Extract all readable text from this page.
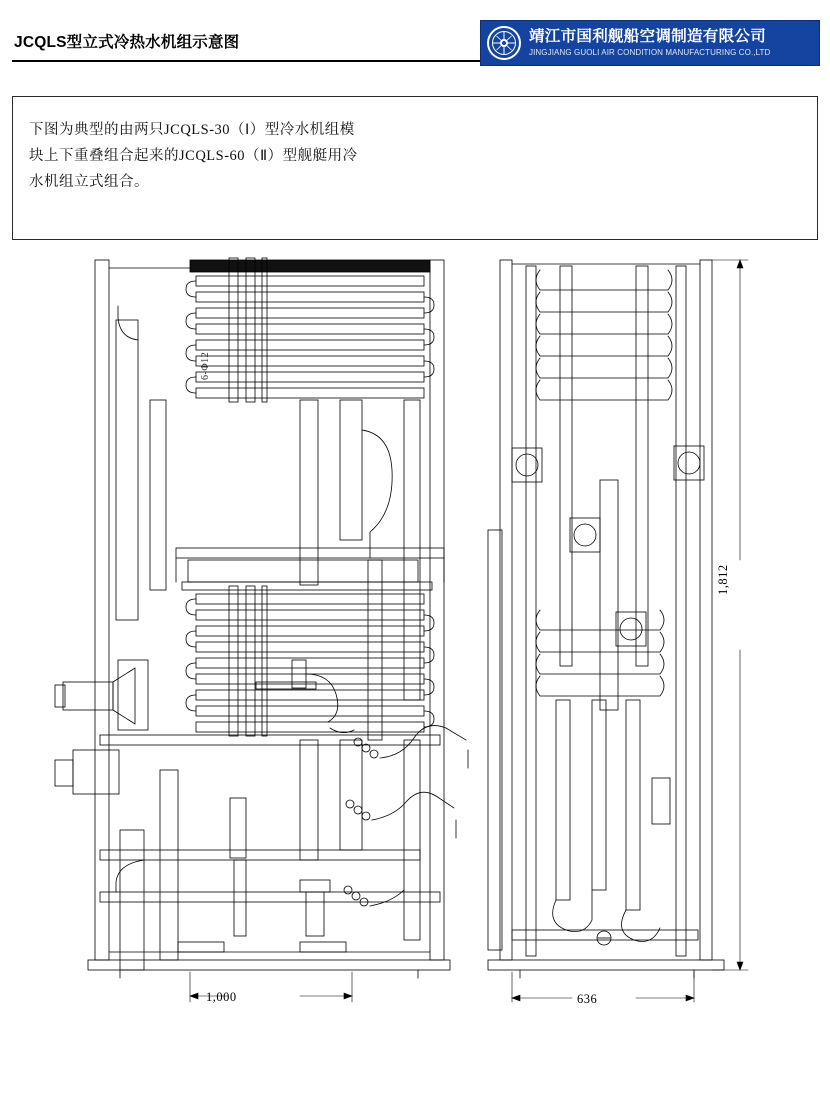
JCQLS型立式冷热水机组示意图	靖江市国利舰船空调制造有限公司
JINGJIANG GUOLI AIR CONDITION MANUFACTURING CO.,LTD
下图为典型的由两只JCQLS-30（Ⅰ）型冷水机组模
块上下重叠组合起来的JCQLS-60（Ⅱ）型舰艇用冷
水机组立式组合。
1,000	636
1,812
6-Φ12
